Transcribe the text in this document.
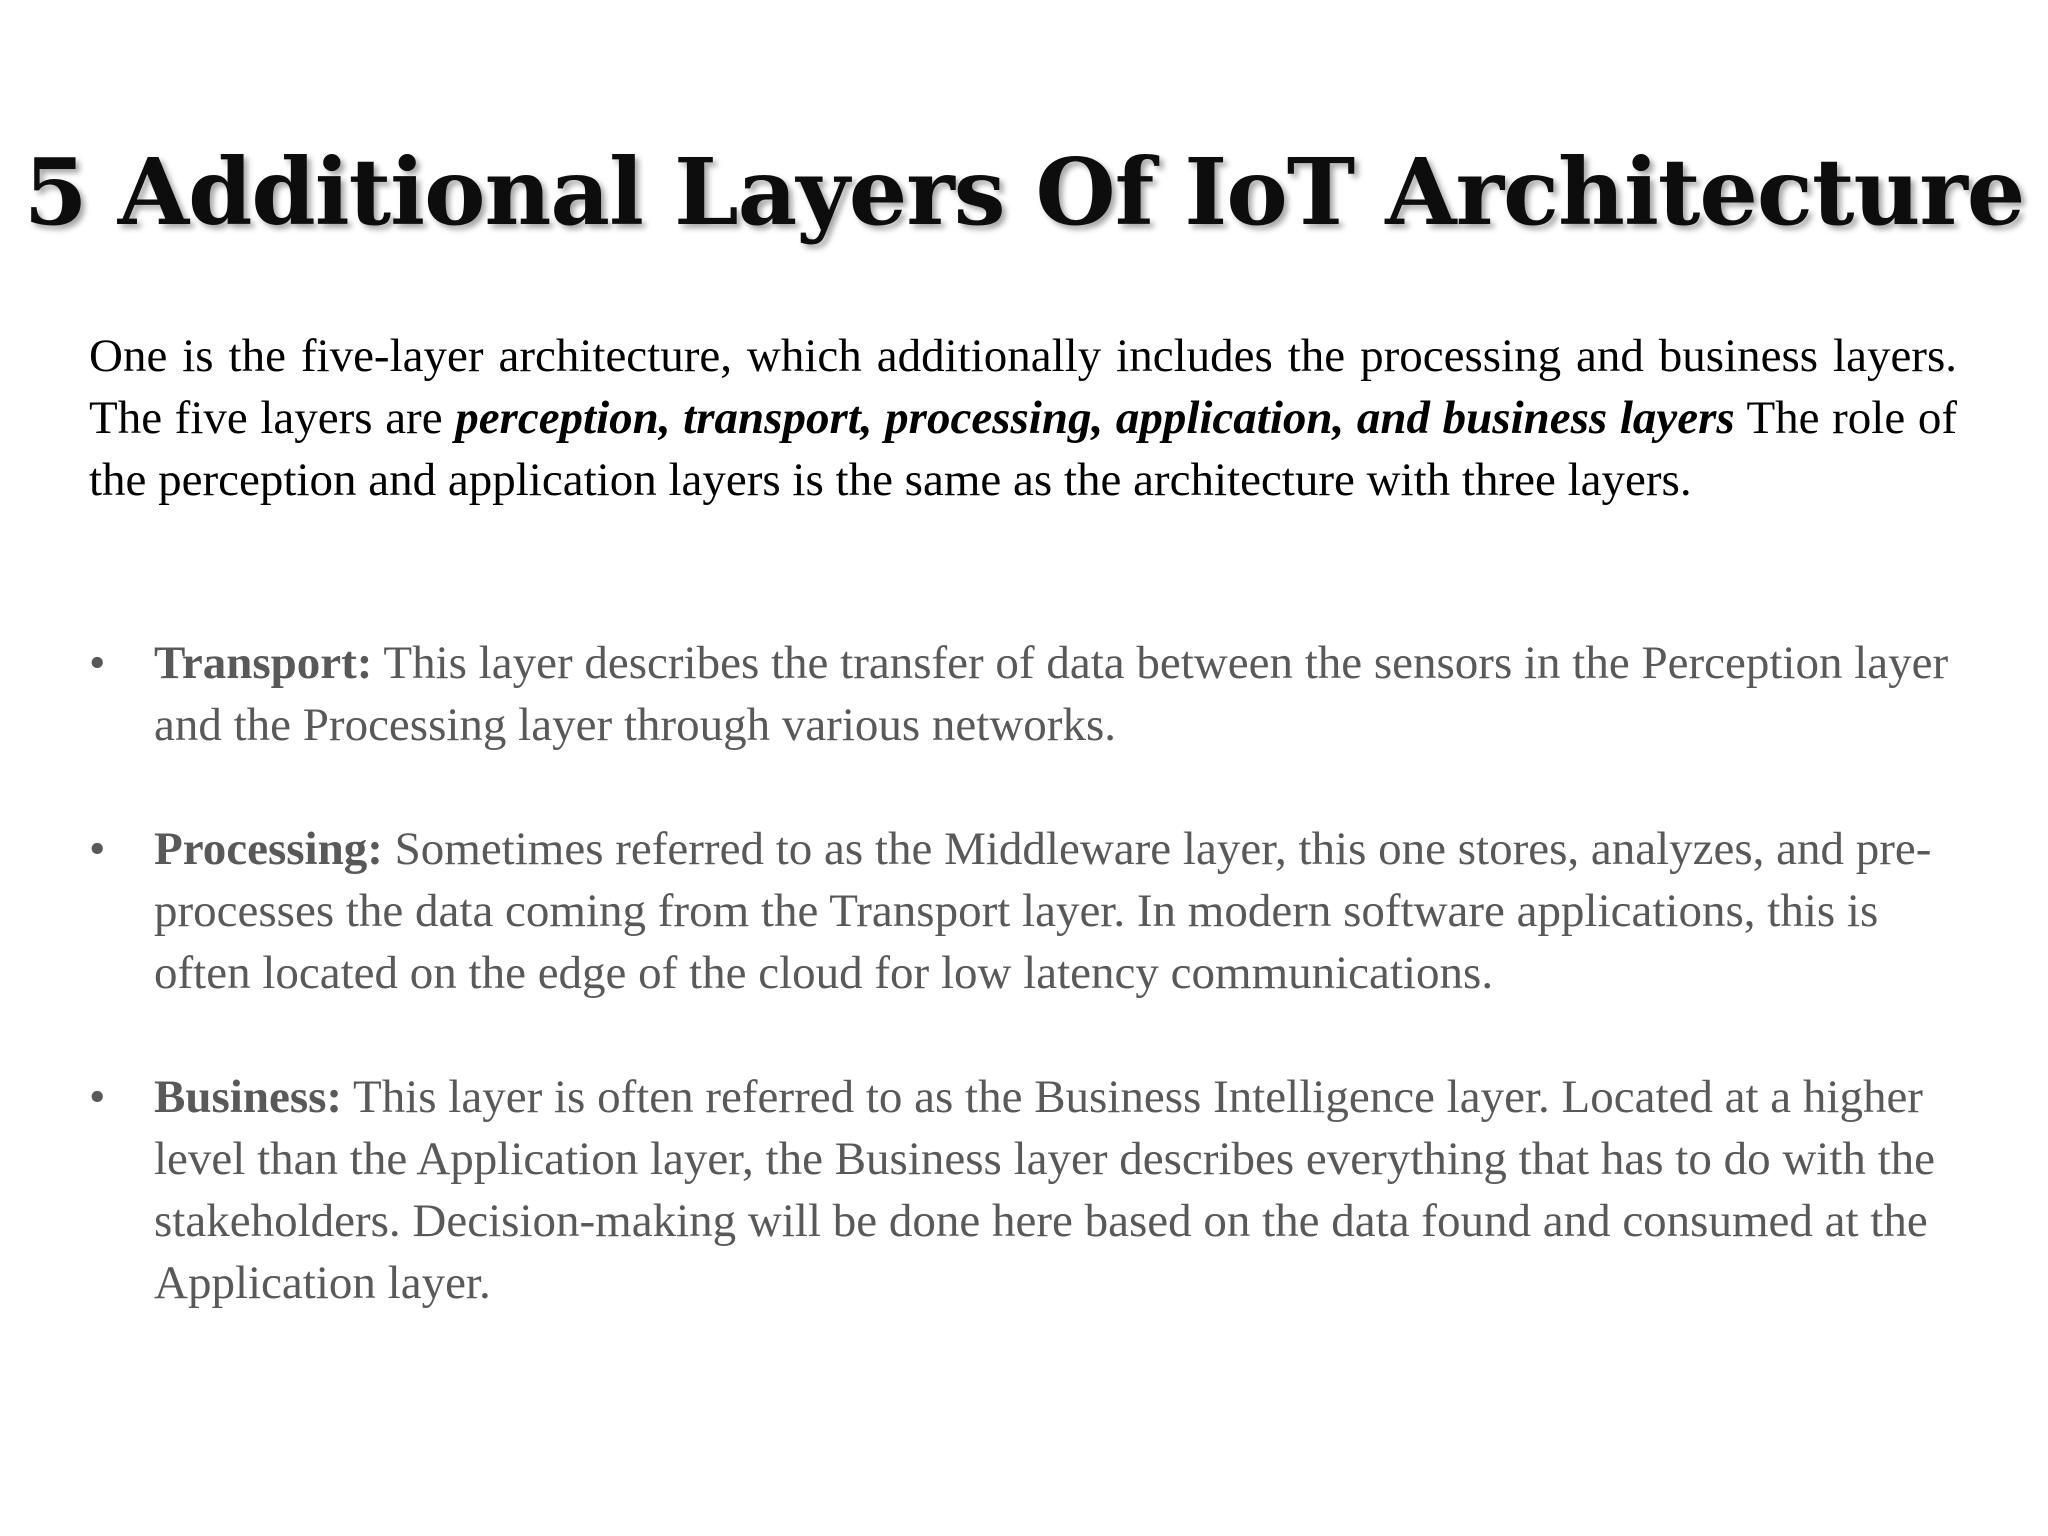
5 Additional Layers Of IoT Architecture

One is the five-layer architecture, which additionally includes the processing and business layers. The five layers are perception, transport, processing, application, and business layers The role of the perception and application layers is the same as the architecture with three layers.

• Transport: This layer describes the transfer of data between the sensors in the Perception layer and the Processing layer through various networks.
• Processing: Sometimes referred to as the Middleware layer, this one stores, analyzes, and pre-processes the data coming from the Transport layer. In modern software applications, this is often located on the edge of the cloud for low latency communications.
• Business: This layer is often referred to as the Business Intelligence layer. Located at a higher level than the Application layer, the Business layer describes everything that has to do with the stakeholders. Decision-making will be done here based on the data found and consumed at the Application layer.
